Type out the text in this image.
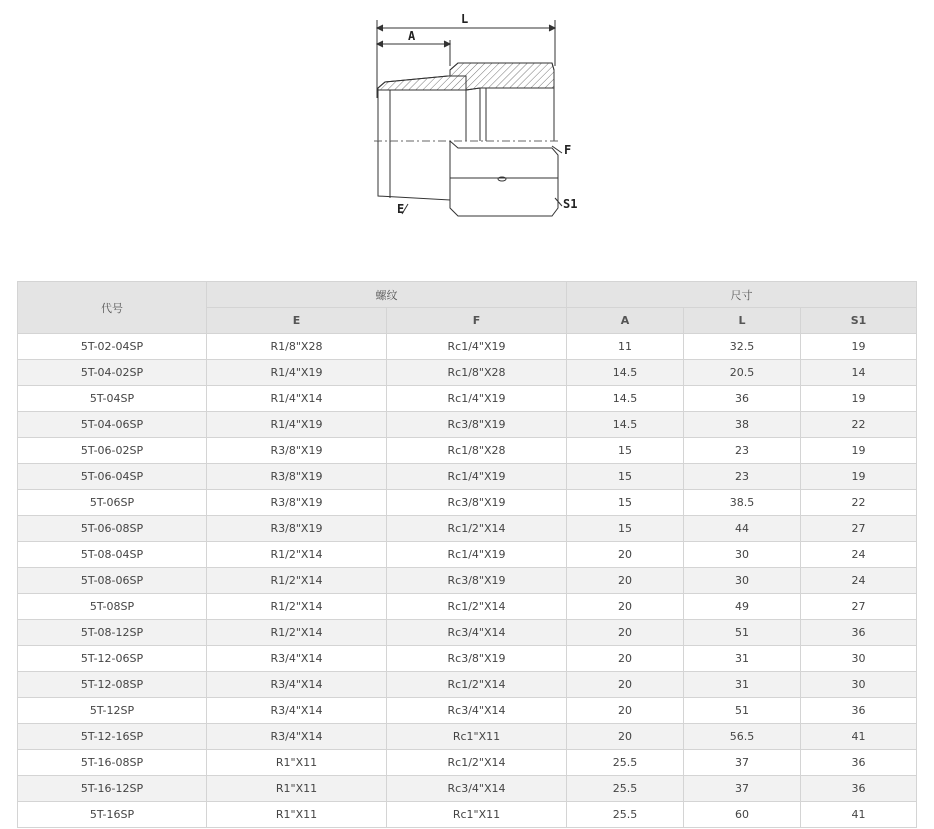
L
A
F
E	S1
代号	螺纹		尺寸		
	E	F	A	L	S1
5T-02-04SP	R1/8"X28	Rc1/4"X19	11	32.5	19
5T-04-02SP	R1/4"X19	Rc1/8"X28	14.5	20.5	14
5T-04SP	R1/4"X14	Rc1/4"X19	14.5	36	19
5T-04-06SP	R1/4"X19	Rc3/8"X19	14.5	38	22
5T-06-02SP	R3/8"X19	Rc1/8"X28	15	23	19
5T-06-04SP	R3/8"X19	Rc1/4"X19	15	23	19
5T-06SP	R3/8"X19	Rc3/8"X19	15	38.5	22
5T-06-08SP	R3/8"X19	Rc1/2"X14	15	44	27
5T-08-04SP	R1/2"X14	Rc1/4"X19	20	30	24
5T-08-06SP	R1/2"X14	Rc3/8"X19	20	30	24
5T-08SP	R1/2"X14	Rc1/2"X14	20	49	27
5T-08-12SP	R1/2"X14	Rc3/4"X14	20	51	36
5T-12-06SP	R3/4"X14	Rc3/8"X19	20	31	30
5T-12-08SP	R3/4"X14	Rc1/2"X14	20	31	30
5T-12SP	R3/4"X14	Rc3/4"X14	20	51	36
5T-12-16SP	R3/4"X14	Rc1"X11	20	56.5	41
5T-16-08SP	R1"X11	Rc1/2"X14	25.5	37	36
5T-16-12SP	R1"X11	Rc3/4"X14	25.5	37	36
5T-16SP	R1"X11	Rc1"X11	25.5	60	41
